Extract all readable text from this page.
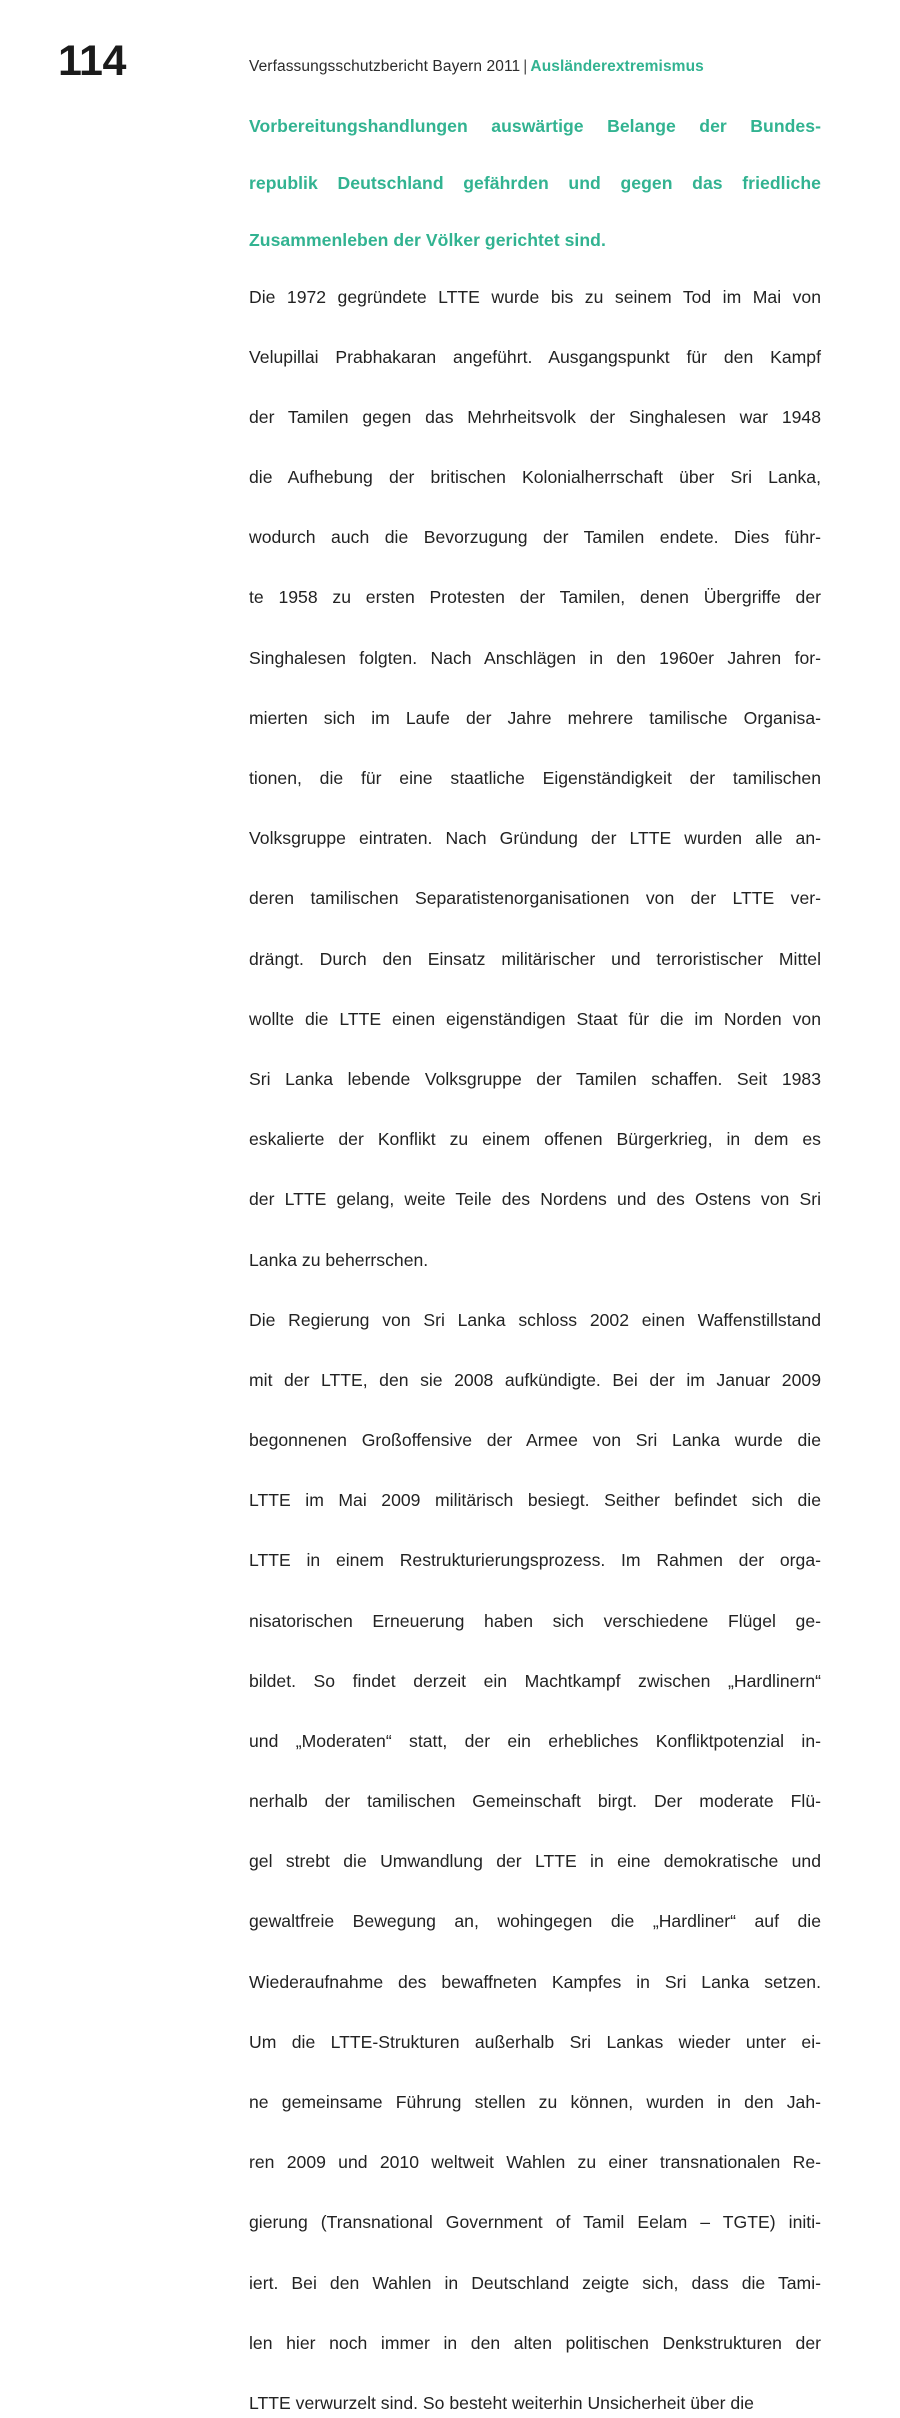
114	Verfassungsschutzbericht Bayern 2011 | Ausländerextremismus
Vorbereitungshandlungen auswärtige Belange der Bundes-
republik Deutschland gefährden und gegen das friedliche
Zusammenleben der Völker gerichtet sind.
Die 1972 gegründete LTTE wurde bis zu seinem Tod im Mai von
Velupillai Prabhakaran angeführt. Ausgangspunkt für den Kampf
der Tamilen gegen das Mehrheitsvolk der Singhalesen war 1948
die Aufhebung der britischen Kolonialherrschaft über Sri Lanka,
wodurch auch die Bevorzugung der Tamilen endete. Dies führ-
te 1958 zu ersten Protesten der Tamilen, denen Übergriffe der
Singhalesen folgten. Nach Anschlägen in den 1960er Jahren for-
mierten sich im Laufe der Jahre mehrere tamilische Organisa-
tionen, die für eine staatliche Eigenständigkeit der tamilischen
Volksgruppe eintraten. Nach Gründung der LTTE wurden alle an-
deren tamilischen Separatistenorganisationen von der LTTE ver-
drängt. Durch den Einsatz militärischer und terroristischer Mittel
wollte die LTTE einen eigenständigen Staat für die im Norden von
Sri Lanka lebende Volksgruppe der Tamilen schaffen. Seit 1983
eskalierte der Konflikt zu einem offenen Bürgerkrieg, in dem es
der LTTE gelang, weite Teile des Nordens und des Ostens von Sri
Lanka zu beherrschen.
Die Regierung von Sri Lanka schloss 2002 einen Waffenstillstand
mit der LTTE, den sie 2008 aufkündigte. Bei der im Januar 2009
begonnenen Großoffensive der Armee von Sri Lanka wurde die
LTTE im Mai 2009 militärisch besiegt. Seither befindet sich die
LTTE in einem Restrukturierungsprozess. Im Rahmen der orga-
nisatorischen Erneuerung haben sich verschiedene Flügel ge-
bildet. So findet derzeit ein Machtkampf zwischen „Hardlinern“
und „Moderaten“ statt, der ein erhebliches Konfliktpotenzial in-
nerhalb der tamilischen Gemeinschaft birgt. Der moderate Flü-
gel strebt die Umwandlung der LTTE in eine demokratische und
gewaltfreie Bewegung an, wohingegen die „Hardliner“ auf die
Wiederaufnahme des bewaffneten Kampfes in Sri Lanka setzen.
Um die LTTE-Strukturen außerhalb Sri Lankas wieder unter ei-
ne gemeinsame Führung stellen zu können, wurden in den Jah-
ren 2009 und 2010 weltweit Wahlen zu einer transnationalen Re-
gierung (Transnational Government of Tamil Eelam – TGTE) initi-
iert. Bei den Wahlen in Deutschland zeigte sich, dass die Tami-
len hier noch immer in den alten politischen Denkstrukturen der
LTTE verwurzelt sind. So besteht weiterhin Unsicherheit über die
